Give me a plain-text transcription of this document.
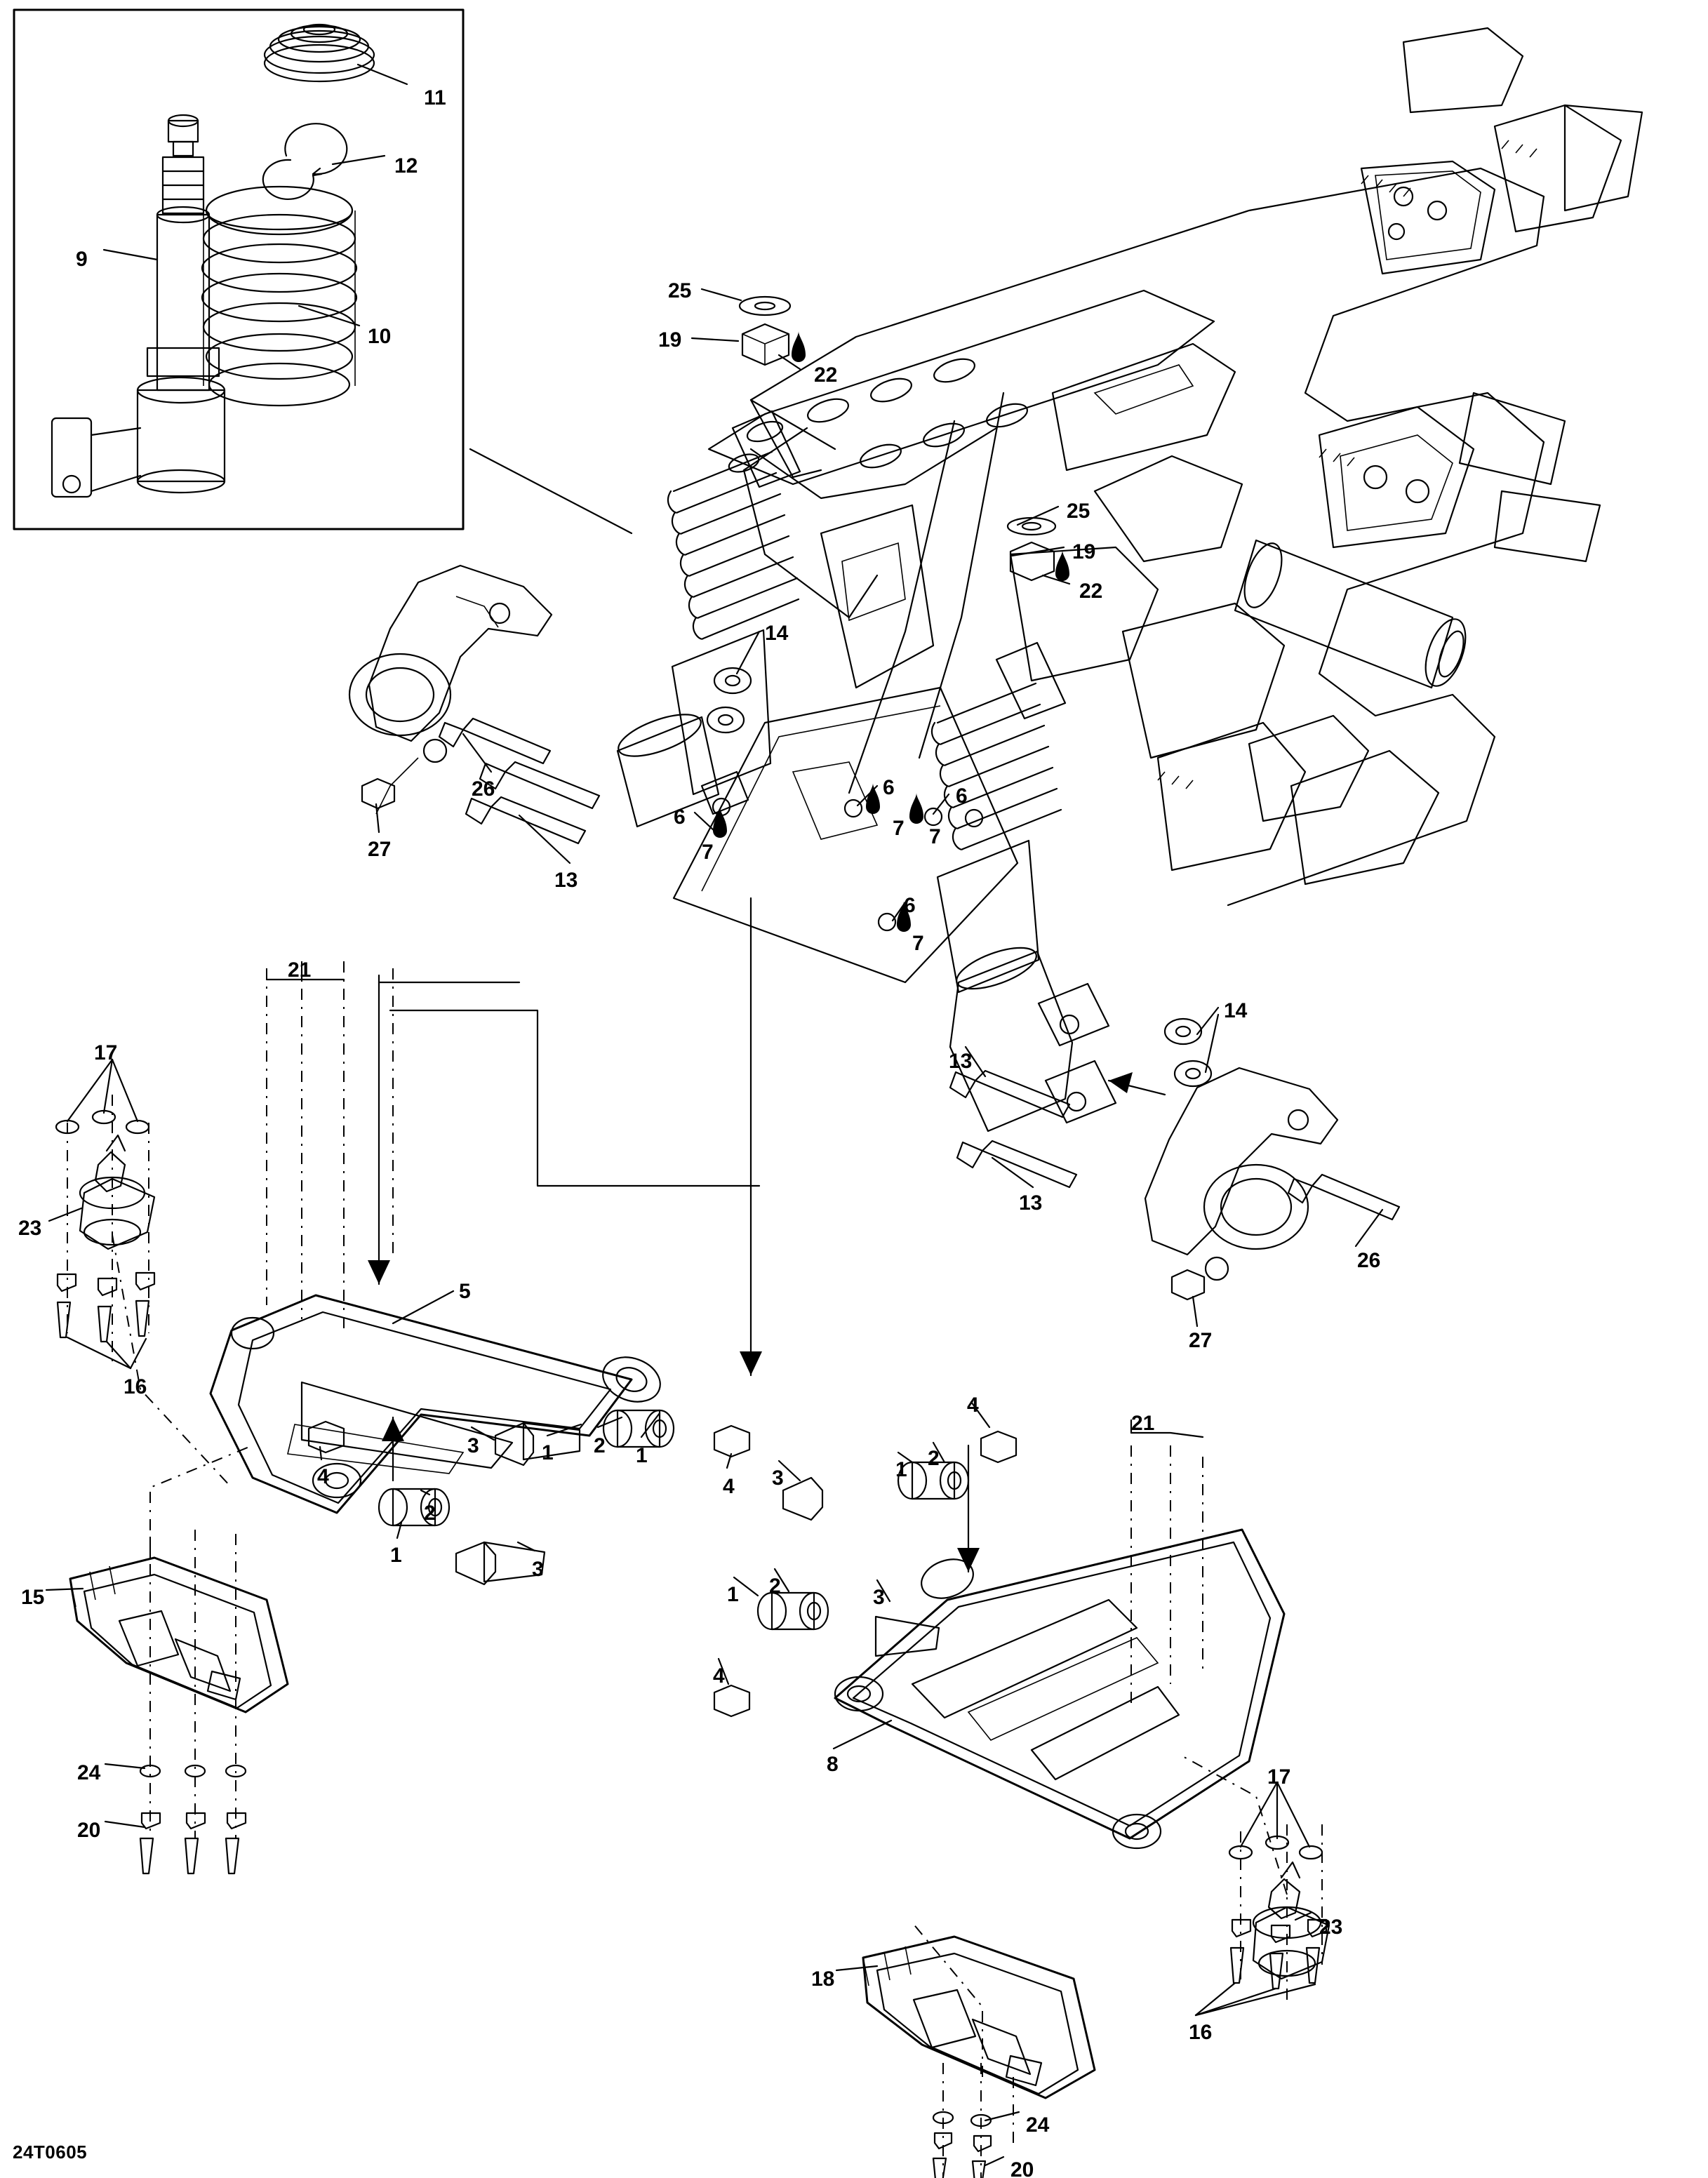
9
10
11
12
25
19
22
25
19
22
14
26
27
13
6
7
6
7
6
7
6
7
14
13
13
26
27
21
17
23
16
5
3	1 2 1
4
4
2
1
3
15
24
20
4
21
3	1 2
1 2	3
4
8
17
23
16
18
24
20
24T0605
